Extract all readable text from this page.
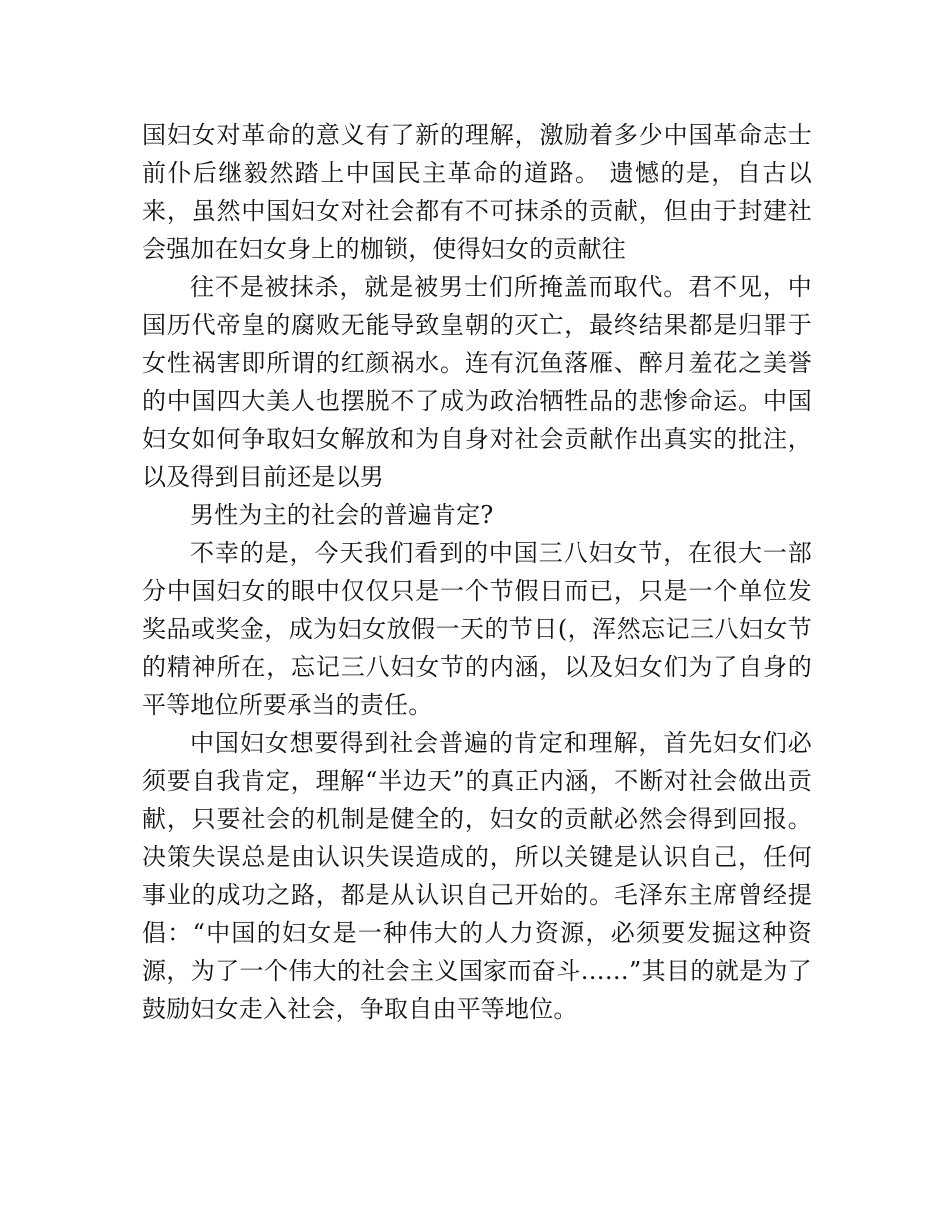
国妇女对革命的意义有了新的理解，激励着多少中国革命志士前仆后继毅然踏上中国民主革命的道路。 遗憾的是，自古以来，虽然中国妇女对社会都有不可抹杀的贡献，但由于封建社会强加在妇女身上的枷锁，使得妇女的贡献往

往不是被抹杀，就是被男士们所掩盖而取代。君不见，中国历代帝皇的腐败无能导致皇朝的灭亡，最终结果都是归罪于女性祸害即所谓的红颜祸水。连有沉鱼落雁、醉月羞花之美誉的中国四大美人也摆脱不了成为政治牺牲品的悲惨命运。中国妇女如何争取妇女解放和为自身对社会贡献作出真实的批注，以及得到目前还是以男

男性为主的社会的普遍肯定?

不幸的是，今天我们看到的中国三八妇女节，在很大一部分中国妇女的眼中仅仅只是一个节假日而已，只是一个单位发奖品或奖金，成为妇女放假一天的节日(，浑然忘记三八妇女节的精神所在，忘记三八妇女节的内涵，以及妇女们为了自身的平等地位所要承当的责任。

中国妇女想要得到社会普遍的肯定和理解，首先妇女们必须要自我肯定，理解“半边天”的真正内涵，不断对社会做出贡献，只要社会的机制是健全的，妇女的贡献必然会得到回报。决策失误总是由认识失误造成的，所以关键是认识自己，任何事业的成功之路，都是从认识自己开始的。毛泽东主席曾经提倡：“中国的妇女是一种伟大的人力资源，必须要发掘这种资源，为了一个伟大的社会主义国家而奋斗……”其目的就是为了鼓励妇女走入社会，争取自由平等地位。
